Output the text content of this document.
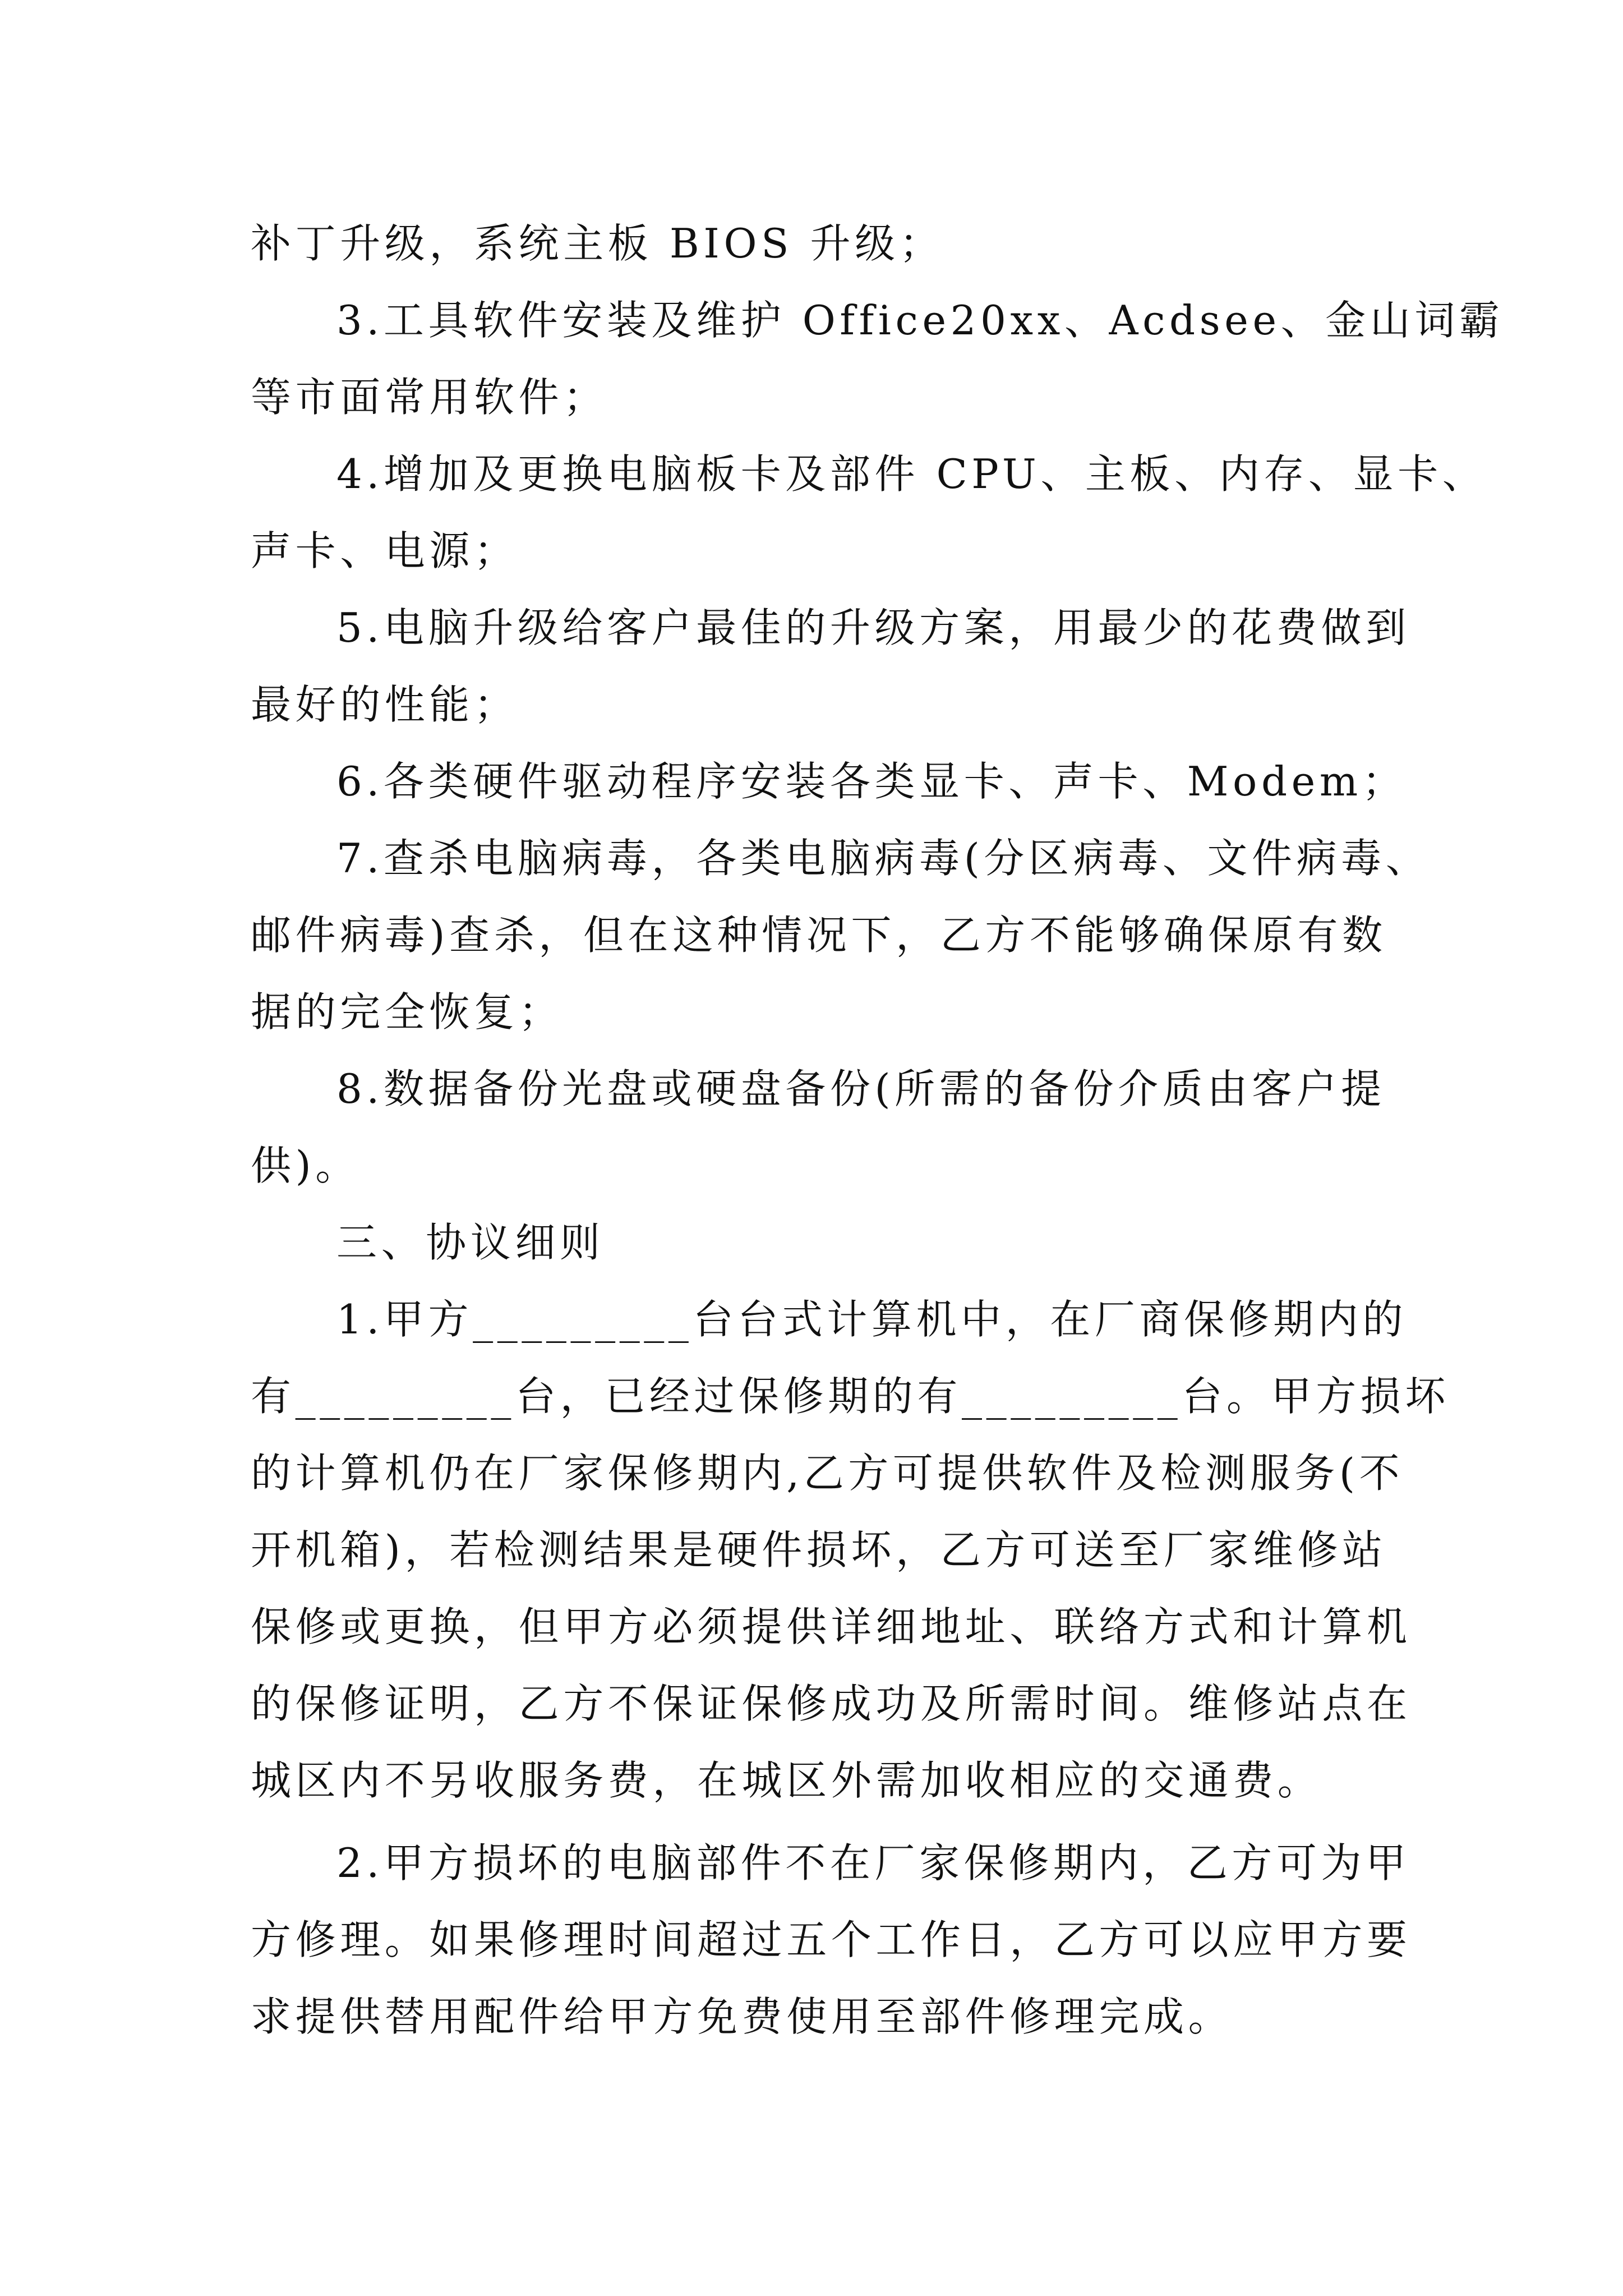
补丁升级，系统主板 BIOS 升级；
3.工具软件安装及维护 Office20xx、Acdsee、金山词霸
等市面常用软件；
4.增加及更换电脑板卡及部件 CPU、主板、内存、显卡、
声卡、电源；
5.电脑升级给客户最佳的升级方案，用最少的花费做到
最好的性能；
6.各类硬件驱动程序安装各类显卡、声卡、Modem；
7.查杀电脑病毒，各类电脑病毒(分区病毒、文件病毒、
邮件病毒)查杀，但在这种情况下，乙方不能够确保原有数
据的完全恢复；
8.数据备份光盘或硬盘备份(所需的备份介质由客户提
供)。
三、协议细则
1.甲方_________台台式计算机中，在厂商保修期内的
有_________台，已经过保修期的有_________台。甲方损坏
的计算机仍在厂家保修期内,乙方可提供软件及检测服务(不
开机箱)，若检测结果是硬件损坏，乙方可送至厂家维修站
保修或更换，但甲方必须提供详细地址、联络方式和计算机
的保修证明，乙方不保证保修成功及所需时间。维修站点在
城区内不另收服务费，在城区外需加收相应的交通费。
2.甲方损坏的电脑部件不在厂家保修期内，乙方可为甲
方修理。如果修理时间超过五个工作日，乙方可以应甲方要
求提供替用配件给甲方免费使用至部件修理完成。
